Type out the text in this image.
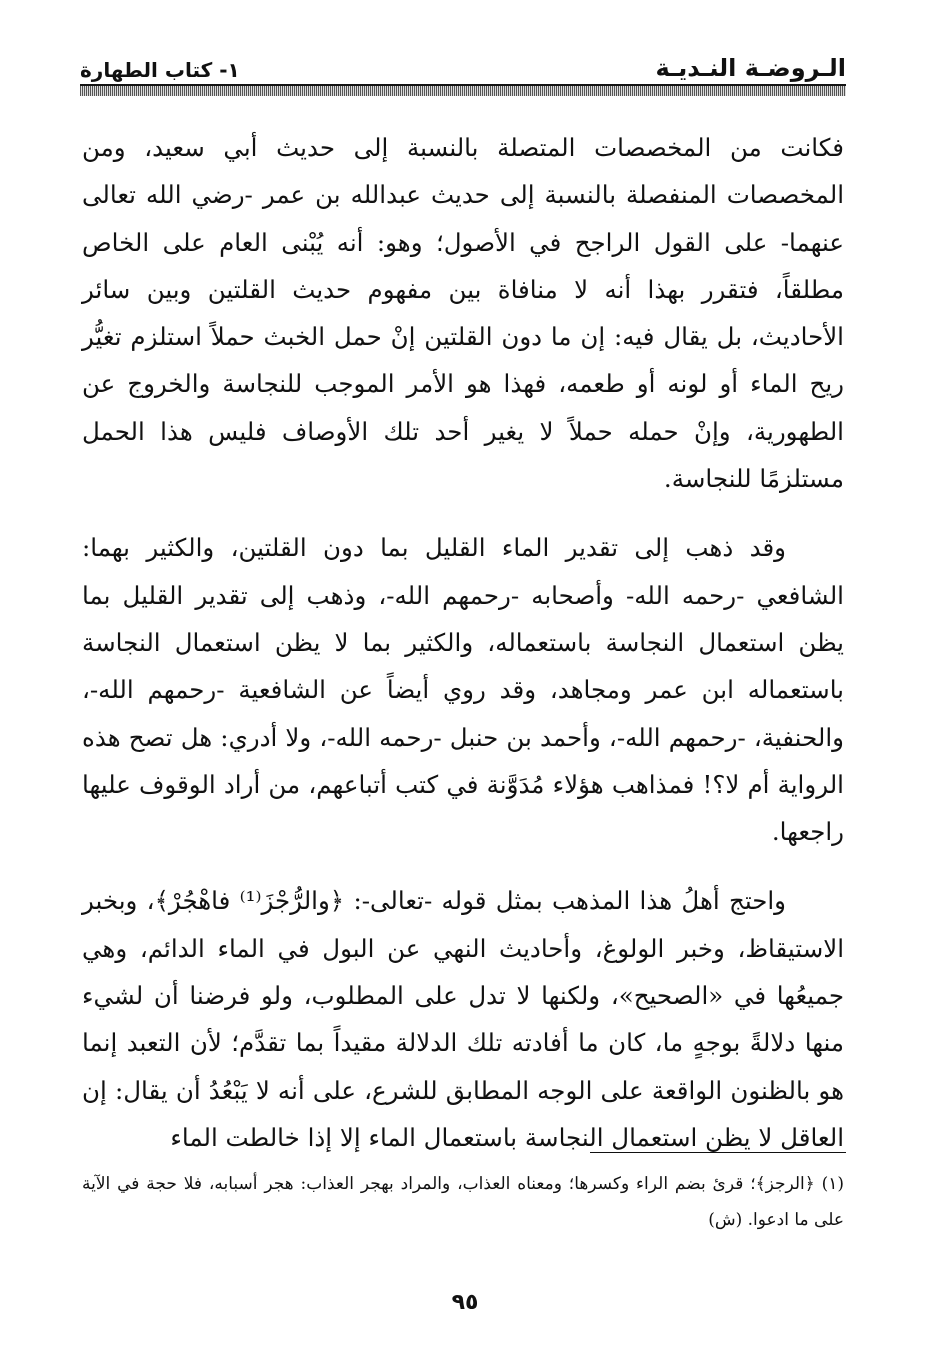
الـروضـة النـديـة
١- كتاب الطهارة

فكانت من المخصصات المتصلة بالنسبة إلى حديث أبي سعيد، ومن المخصصات المنفصلة بالنسبة إلى حديث عبدالله بن عمر -رضي الله تعالى عنهما- على القول الراجح في الأصول؛ وهو: أنه يُبْنى العام على الخاص مطلقاً، فتقرر بهذا أنه لا منافاة بين مفهوم حديث القلتين وبين سائر الأحاديث، بل يقال فيه: إن ما دون القلتين إنْ حمل الخبث حملاً استلزم تغيُّر ريح الماء أو لونه أو طعمه، فهذا هو الأمر الموجب للنجاسة والخروج عن الطهورية، وإنْ حمله حملاً لا يغير أحد تلك الأوصاف فليس هذا الحمل مستلزمًا للنجاسة.

وقد ذهب إلى تقدير الماء القليل بما دون القلتين، والكثير بهما: الشافعي -رحمه الله- وأصحابه -رحمهم الله-، وذهب إلى تقدير القليل بما يظن استعمال النجاسة باستعماله، والكثير بما لا يظن استعمال النجاسة باستعماله ابن عمر ومجاهد، وقد روي أيضاً عن الشافعية -رحمهم الله-، والحنفية، -رحمهم الله-، وأحمد بن حنبل -رحمه الله-، ولا أدري: هل تصح هذه الرواية أم لا؟! فمذاهب هؤلاء مُدَوَّنة في كتب أتباعهم، من أراد الوقوف عليها راجعها.

واحتج أهلُ هذا المذهب بمثل قوله -تعالى-: ﴿والرُّجْزَ⁽¹⁾ فاهْجُرْ﴾، وبخبر الاستيقاظ، وخبر الولوغ، وأحاديث النهي عن البول في الماء الدائم، وهي جميعُها في «الصحيح»، ولكنها لا تدل على المطلوب، ولو فرضنا أن لشيء منها دلالةً بوجهٍ ما، كان ما أفادته تلك الدلالة مقيداً بما تقدَّم؛ لأن التعبد إنما هو بالظنون الواقعة على الوجه المطابق للشرع، على أنه لا يَبْعُدُ أن يقال: إن العاقل لا يظن استعمال النجاسة باستعمال الماء إلا إذا خالطت الماء

(١) ﴿الرجز﴾؛ قرئ بضم الراء وكسرها؛ ومعناه العذاب، والمراد بهجر العذاب: هجر أسبابه، فلا حجة في الآية على ما ادعوا. (ش)

٩٥
